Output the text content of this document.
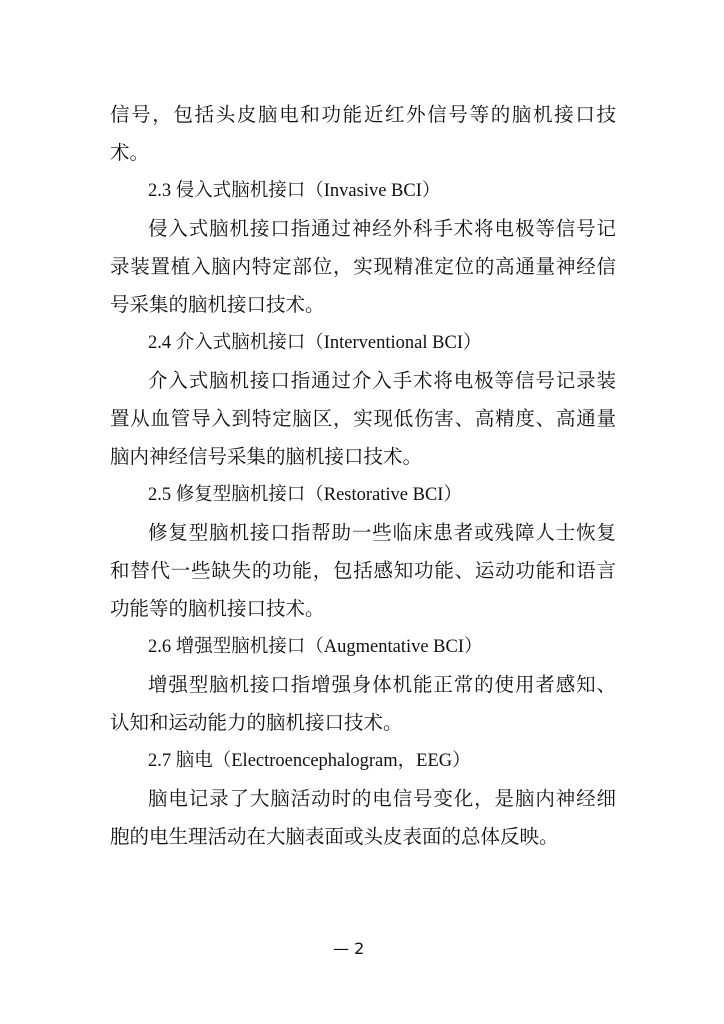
信号，包括头皮脑电和功能近红外信号等的脑机接口技
术。
2.3 侵入式脑机接口（Invasive BCI）
侵入式脑机接口指通过神经外科手术将电极等信号记
录装置植入脑内特定部位，实现精准定位的高通量神经信
号采集的脑机接口技术。
2.4 介入式脑机接口（Interventional BCI）
介入式脑机接口指通过介入手术将电极等信号记录装
置从血管导入到特定脑区，实现低伤害、高精度、高通量
脑内神经信号采集的脑机接口技术。
2.5 修复型脑机接口（Restorative BCI）
修复型脑机接口指帮助一些临床患者或残障人士恢复
和替代一些缺失的功能，包括感知功能、运动功能和语言
功能等的脑机接口技术。
2.6 增强型脑机接口（Augmentative BCI）
增强型脑机接口指增强身体机能正常的使用者感知、
认知和运动能力的脑机接口技术。
2.7 脑电（Electroencephalogram，EEG）
脑电记录了大脑活动时的电信号变化，是脑内神经细
胞的电生理活动在大脑表面或头皮表面的总体反映。
— 2
